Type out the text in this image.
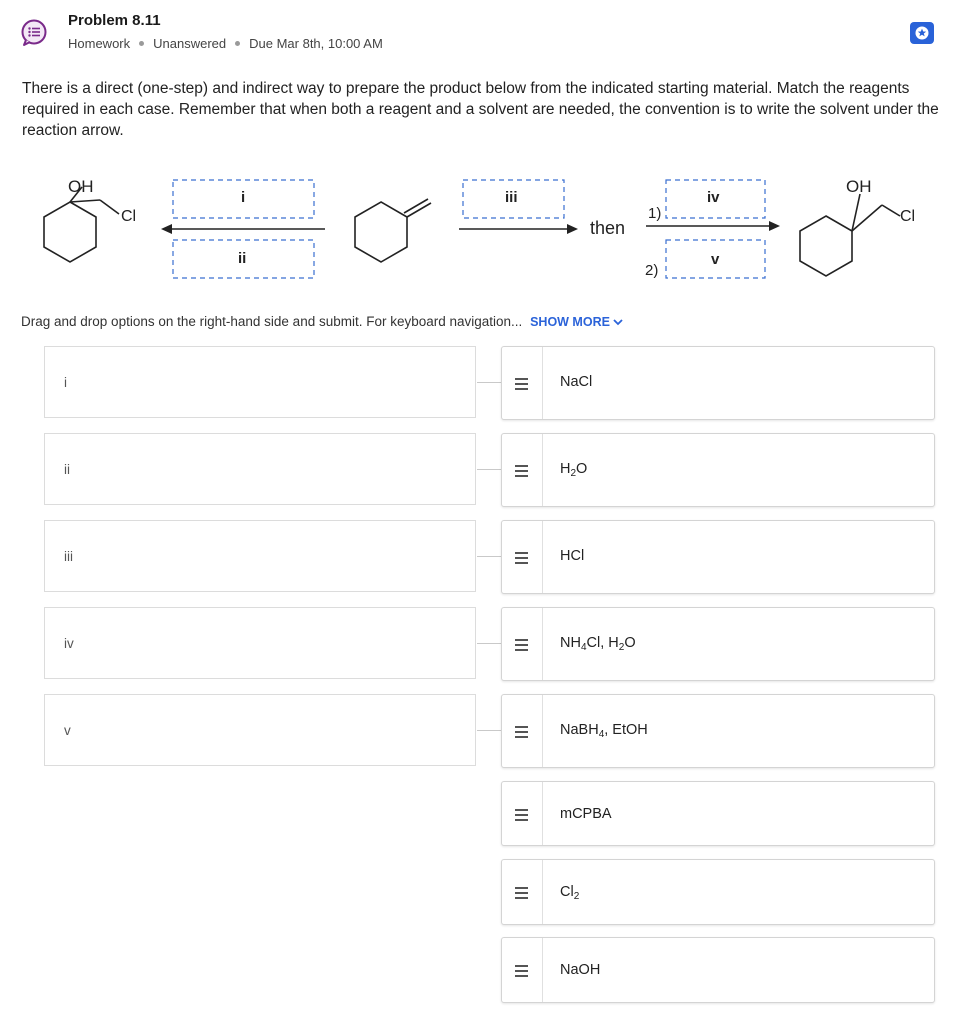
Problem 8.11
Homework Unanswered Due Mar 8th, 10:00 AM
There is a direct (one-step) and indirect way to prepare the product below from the indicated starting material. Match the reagents required in each case. Remember that when both a reagent and a solvent are needed, the convention is to write the solvent under the reaction arrow.
OH
Cl
OH
Cl
i
ii
iii	iv
v
then
1)
2)
Drag and drop options on the right-hand side and submit. For keyboard navigation... SHOW MORE
i
ii
iii
iv
v
NaCl
$H_2O$
HCl
$NH_4Cl$, $H_2O$
NaBH$_4$, EtOH
mCPBA
$Cl_2$
NaOH
